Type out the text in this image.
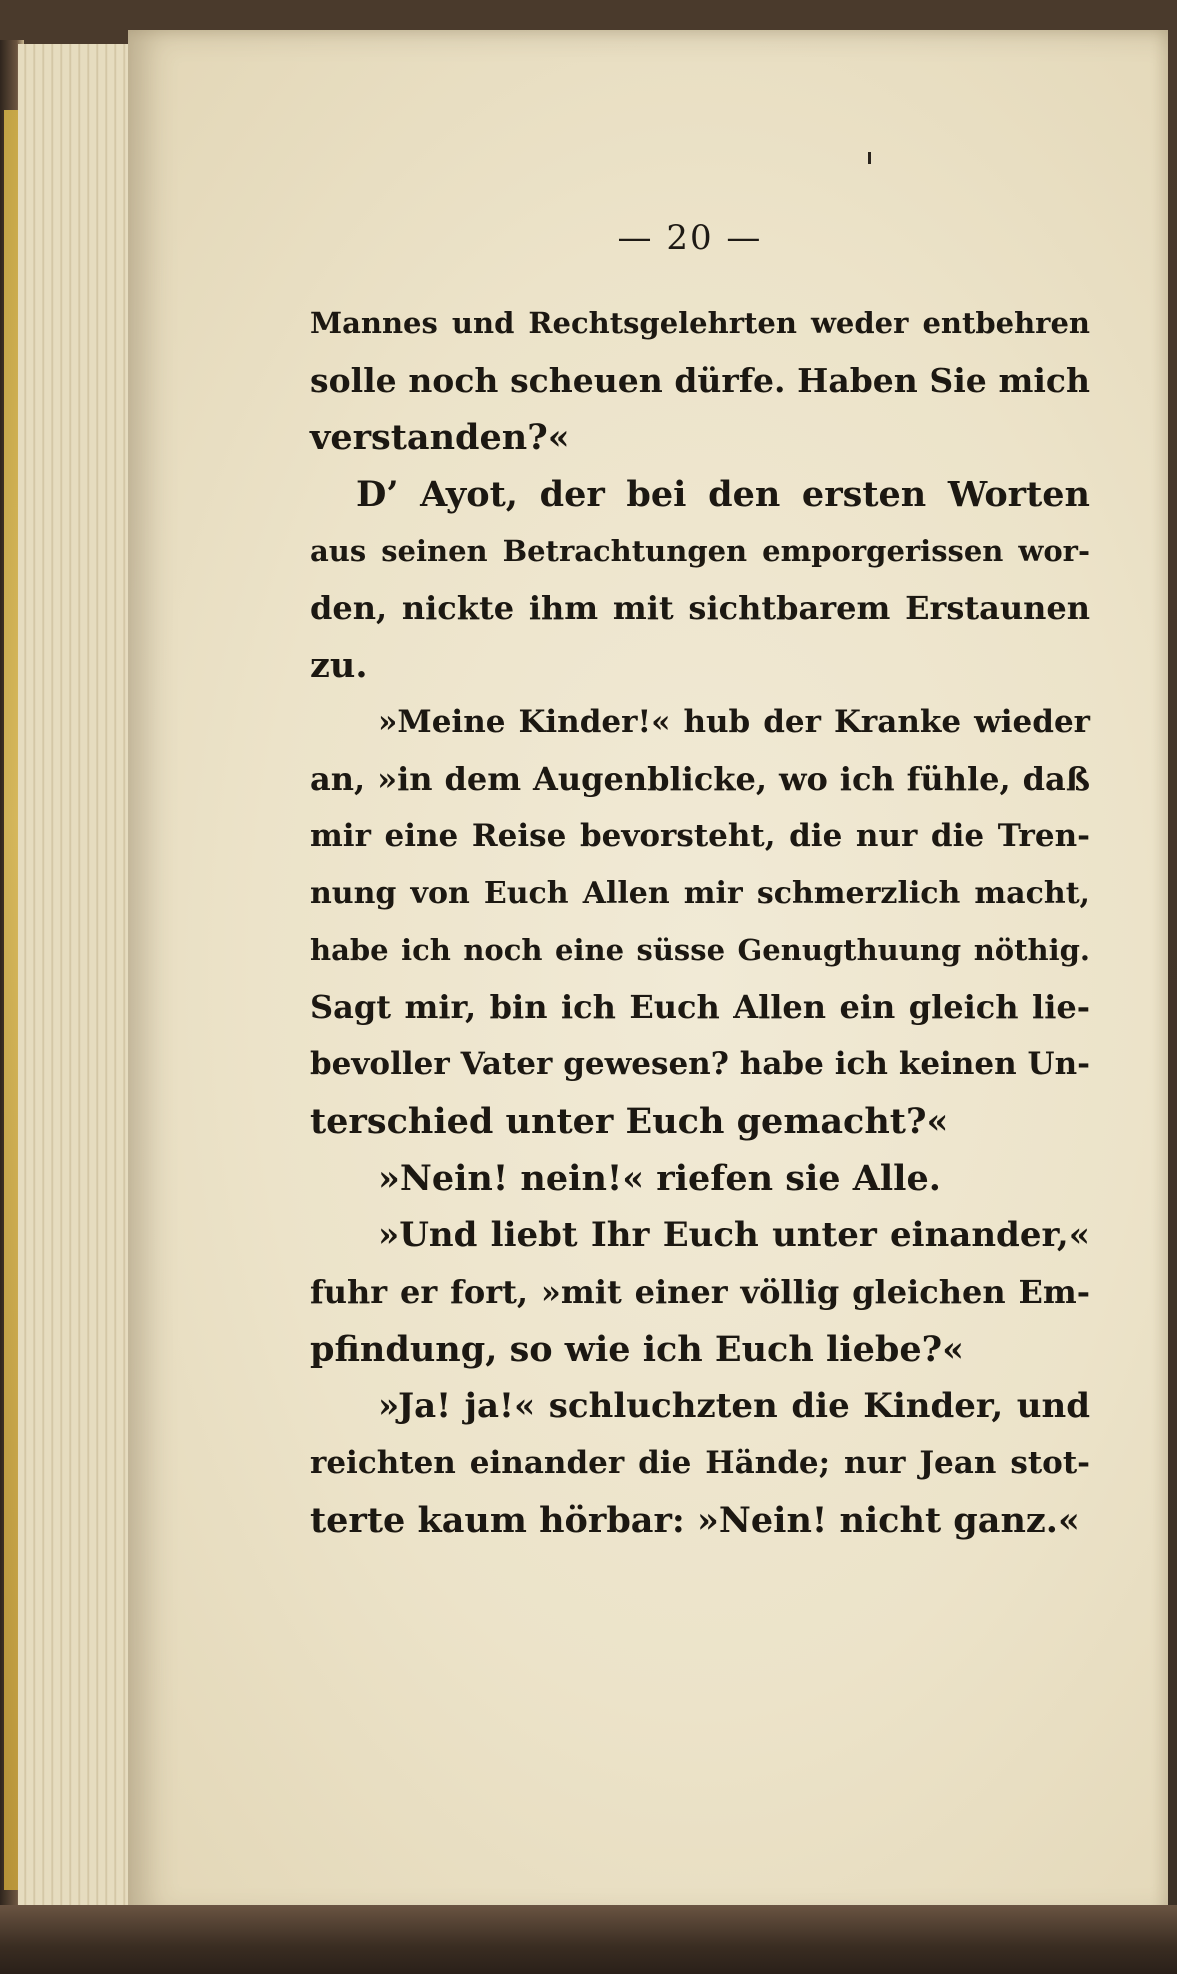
— 20 —
Mannes und Rechtsgelehrten weder entbehren
solle noch scheuen dürfe. Haben Sie mich
verstanden?«
D’ Ayot, der bei den ersten Worten
aus seinen Betrachtungen emporgerissen wor-
den, nickte ihm mit sichtbarem Erstaunen
zu.
»Meine Kinder!« hub der Kranke wieder
an, »in dem Augenblicke, wo ich fühle, daß
mir eine Reise bevorsteht, die nur die Tren-
nung von Euch Allen mir schmerzlich macht,
habe ich noch eine süsse Genugthuung nöthig.
Sagt mir, bin ich Euch Allen ein gleich lie-
bevoller Vater gewesen? habe ich keinen Un-
terschied unter Euch gemacht?«
»Nein! nein!« riefen sie Alle.
»Und liebt Ihr Euch unter einander,«
fuhr er fort, »mit einer völlig gleichen Em-
pfindung, so wie ich Euch liebe?«
»Ja! ja!« schluchzten die Kinder, und
reichten einander die Hände; nur Jean stot-
terte kaum hörbar: »Nein! nicht ganz.«
